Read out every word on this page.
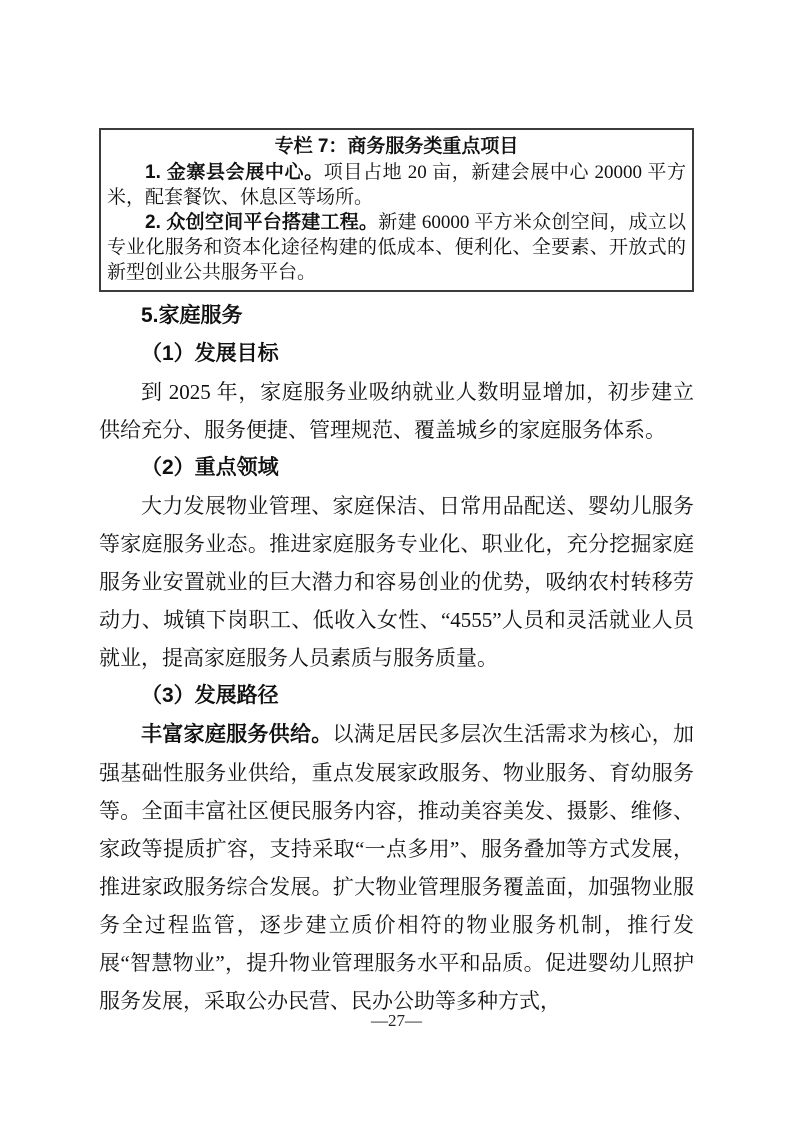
专栏 7：商务服务类重点项目

1. 金寨县会展中心。项目占地 20 亩，新建会展中心 20000 平方米，配套餐饮、休息区等场所。

2. 众创空间平台搭建工程。新建 60000 平方米众创空间，成立以专业化服务和资本化途径构建的低成本、便利化、全要素、开放式的新型创业公共服务平台。

5.家庭服务
（1）发展目标

到 2025 年，家庭服务业吸纳就业人数明显增加，初步建立供给充分、服务便捷、管理规范、覆盖城乡的家庭服务体系。

（2）重点领域

大力发展物业管理、家庭保洁、日常用品配送、婴幼儿服务等家庭服务业态。推进家庭服务专业化、职业化，充分挖掘家庭服务业安置就业的巨大潜力和容易创业的优势，吸纳农村转移劳动力、城镇下岗职工、低收入女性、“4555”人员和灵活就业人员就业，提高家庭服务人员素质与服务质量。

（3）发展路径

丰富家庭服务供给。以满足居民多层次生活需求为核心，加强基础性服务业供给，重点发展家政服务、物业服务、育幼服务等。全面丰富社区便民服务内容，推动美容美发、摄影、维修、家政等提质扩容，支持采取“一点多用”、服务叠加等方式发展，推进家政服务综合发展。扩大物业管理服务覆盖面，加强物业服务全过程监管，逐步建立质价相符的物业服务机制，推行发展“智慧物业”，提升物业管理服务水平和品质。促进婴幼儿照护服务发展，采取公办民营、民办公助等多种方式，

—27—
